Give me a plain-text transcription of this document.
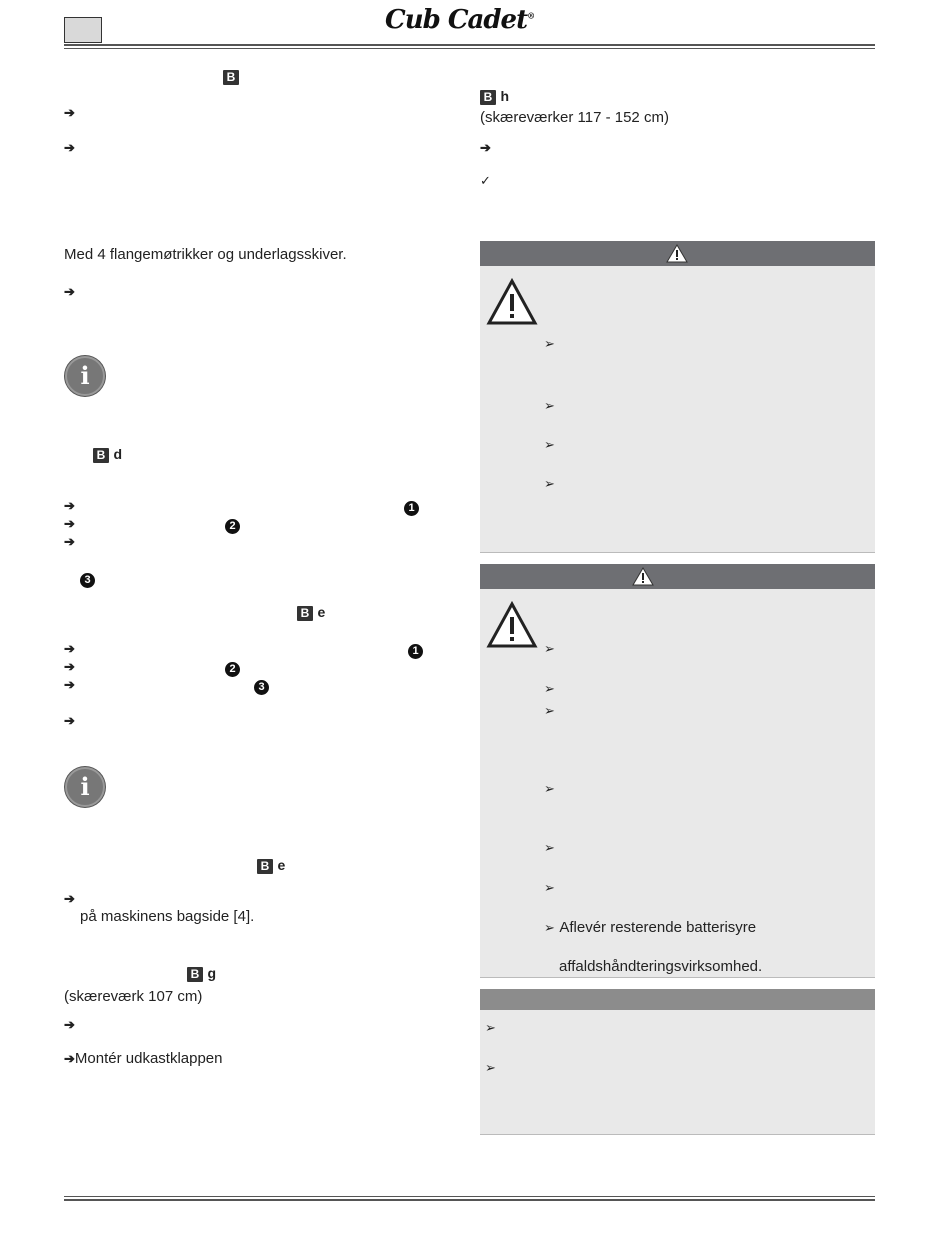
Cub Cadet®
B
➔
➔
Med 4 flangemøtrikker og underlagsskiver.
➔
i
B d
➔	1
➔	2
➔
3
B e
➔	1
➔	2
➔	3
➔
i
B e
➔
på maskinens bagside [4].
B g
(skæreværk 107 cm)
➔
➔Montér udkastklappen
B h
(skæreværker 117 - 152 cm)
➔
✓
➢
➢
➢
➢
➢
➢
➢
➢
➢
➢
➢ Aflevér resterende batterisyre
affaldshåndteringsvirksomhed.
➢
➢
